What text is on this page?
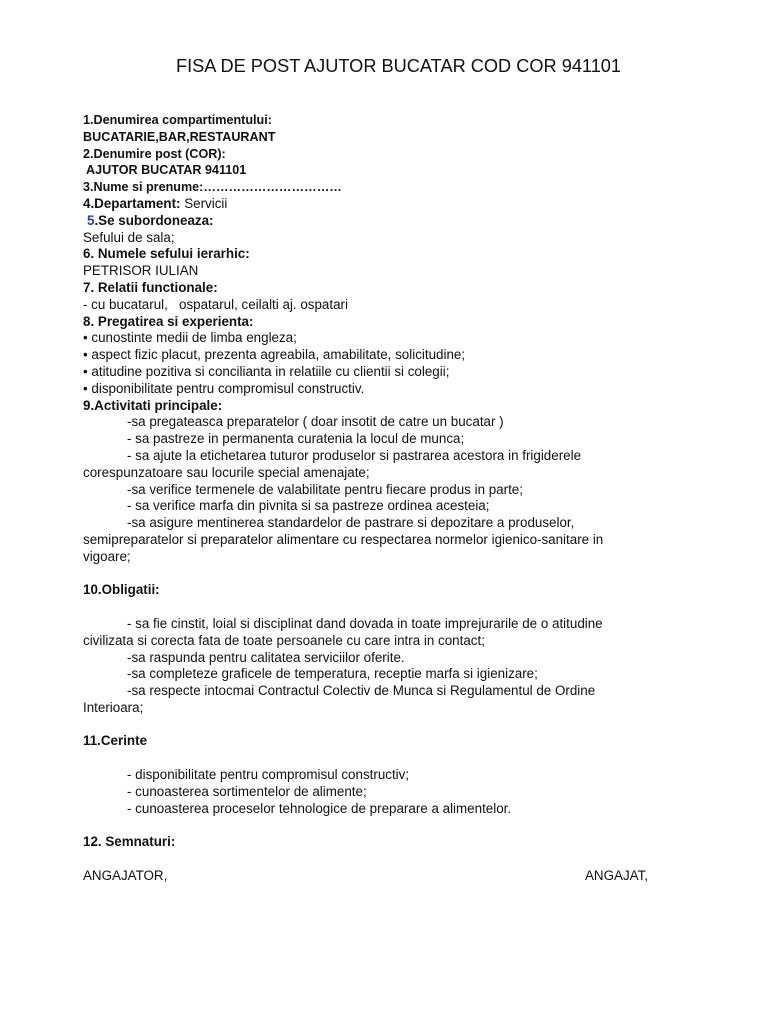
FISA DE POST AJUTOR BUCATAR COD COR 941101

1.Denumirea compartimentului:

BUCATARIE,BAR,RESTAURANT

2.Denumire post (COR):

AJUTOR BUCATAR 941101

3.Nume si prenume:……………………………

4.Departament: Servicii

5.Se subordoneaza:

Sefului de sala;

6. Numele sefului ierarhic:

PETRISOR IULIAN

7. Relatii functionale:

- cu bucatarul,   ospatarul, ceilalti aj. ospatari

8. Pregatirea si experienta:

• cunostinte medii de limba engleza;

• aspect fizic placut, prezenta agreabila, amabilitate, solicitudine;

• atitudine pozitiva si concilianta in relatiile cu clientii si colegii;

• disponibilitate pentru compromisul constructiv.

9.Activitati principale:

-sa pregateasca preparatelor ( doar insotit de catre un bucatar )

- sa pastreze in permanenta curatenia la locul de munca;

- sa ajute la etichetarea tuturor produselor si pastrarea acestora in frigiderele

corespunzatoare sau locurile special amenajate;

-sa verifice termenele de valabilitate pentru fiecare produs in parte;

- sa verifice marfa din pivnita si sa pastreze ordinea acesteia;

-sa asigure mentinerea standardelor de pastrare si depozitare a produselor,

semipreparatelor si preparatelor alimentare cu respectarea normelor igienico-sanitare in

vigoare;

10.Obligatii:

- sa fie cinstit, loial si disciplinat dand dovada in toate imprejurarile de o atitudine

civilizata si corecta fata de toate persoanele cu care intra in contact;

-sa raspunda pentru calitatea serviciilor oferite.

-sa completeze graficele de temperatura, receptie marfa si igienizare;

-sa respecte intocmai Contractul Colectiv de Munca si Regulamentul de Ordine

Interioara;

11.Cerinte

- disponibilitate pentru compromisul constructiv;

- cunoasterea sortimentelor de alimente;

- cunoasterea proceselor tehnologice de preparare a alimentelor.

12. Semnaturi:

ANGAJATOR,	ANGAJAT,
